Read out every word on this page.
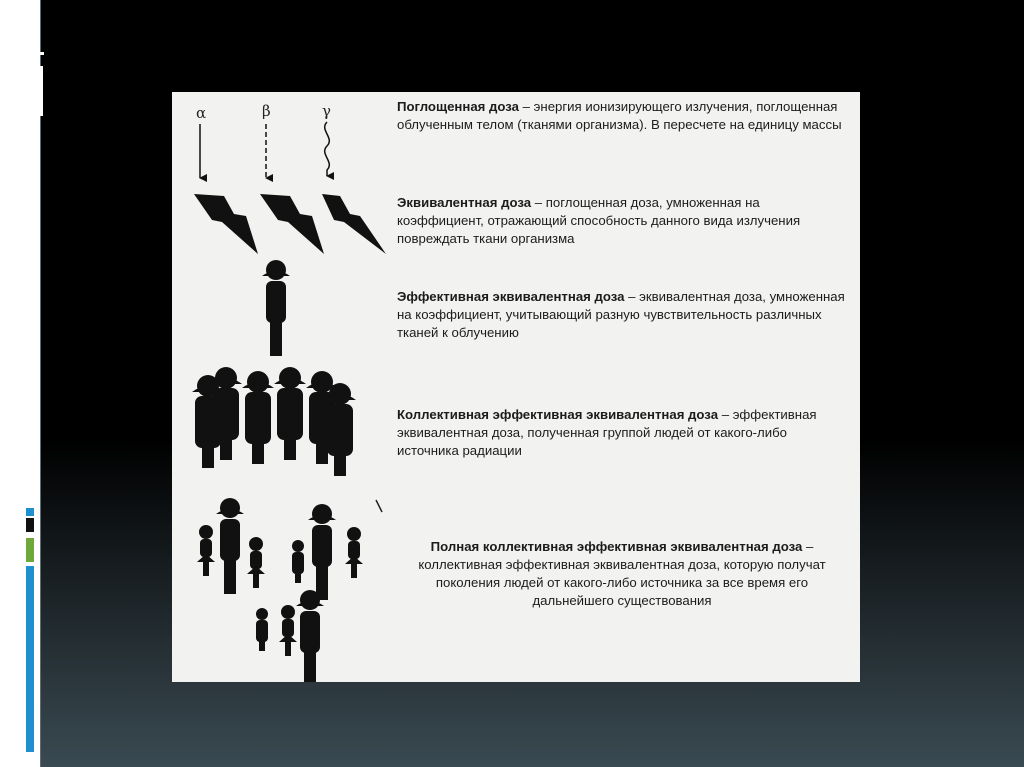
α	β	γ	Поглощенная доза – энергия ионизирующего излучения, поглощенная облученным телом (тканями организма). В пересчете на единицу массы
Эквивалентная доза – поглощенная доза, умноженная на коэффициент, отражающий способность данного вида излучения повреждать ткани организма
Эффективная эквивалентная доза – эквивалентная доза, умноженная на коэффициент, учитывающий разную чувствительность различных тканей к облучению
Коллективная эффективная эквивалентная доза – эффективная эквивалентная доза, полученная группой людей от какого-либо источника радиации
Полная коллективная эффективная эквивалентная доза – коллективная эффективная эквивалентная доза, которую получат поколения людей от какого-либо источника за все время его дальнейшего существования
